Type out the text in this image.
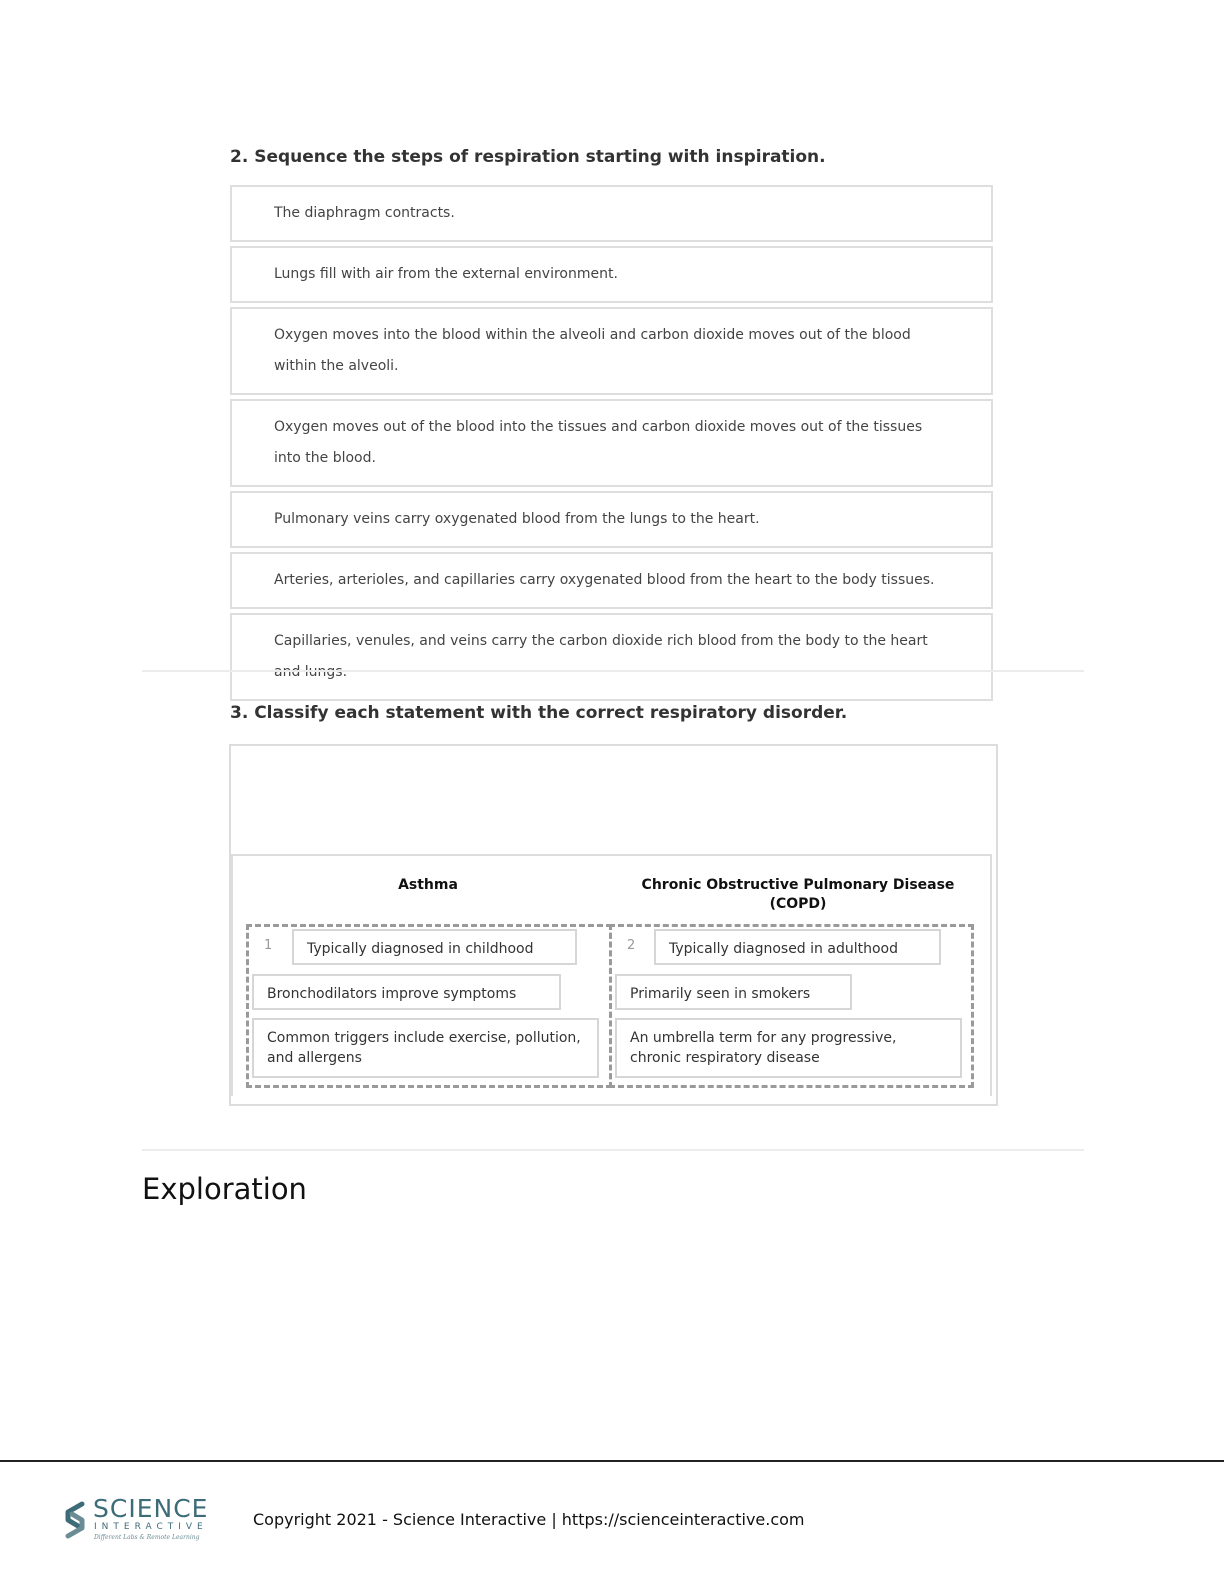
2. Sequence the steps of respiration starting with inspiration.
The diaphragm contracts.
Lungs fill with air from the external environment.
Oxygen moves into the blood within the alveoli and carbon dioxide moves out of the blood within the alveoli.
Oxygen moves out of the blood into the tissues and carbon dioxide moves out of the tissues into the blood.
Pulmonary veins carry oxygenated blood from the lungs to the heart.
Arteries, arterioles, and capillaries carry oxygenated blood from the heart to the body tissues.
Capillaries, venules, and veins carry the carbon dioxide rich blood from the body to the heart and lungs.
3. Classify each statement with the correct respiratory disorder.
Asthma	Chronic Obstructive Pulmonary Disease (COPD)
1	Typically diagnosed in childhood
Bronchodilators improve symptoms
Common triggers include exercise, pollution, and allergens
2	Typically diagnosed in adulthood
Primarily seen in smokers
An umbrella term for any progressive, chronic respiratory disease
Exploration
SCIENCE
INTERACTIVE
Different Labs & Remote Learning
Copyright 2021 - Science Interactive | https://scienceinteractive.com
